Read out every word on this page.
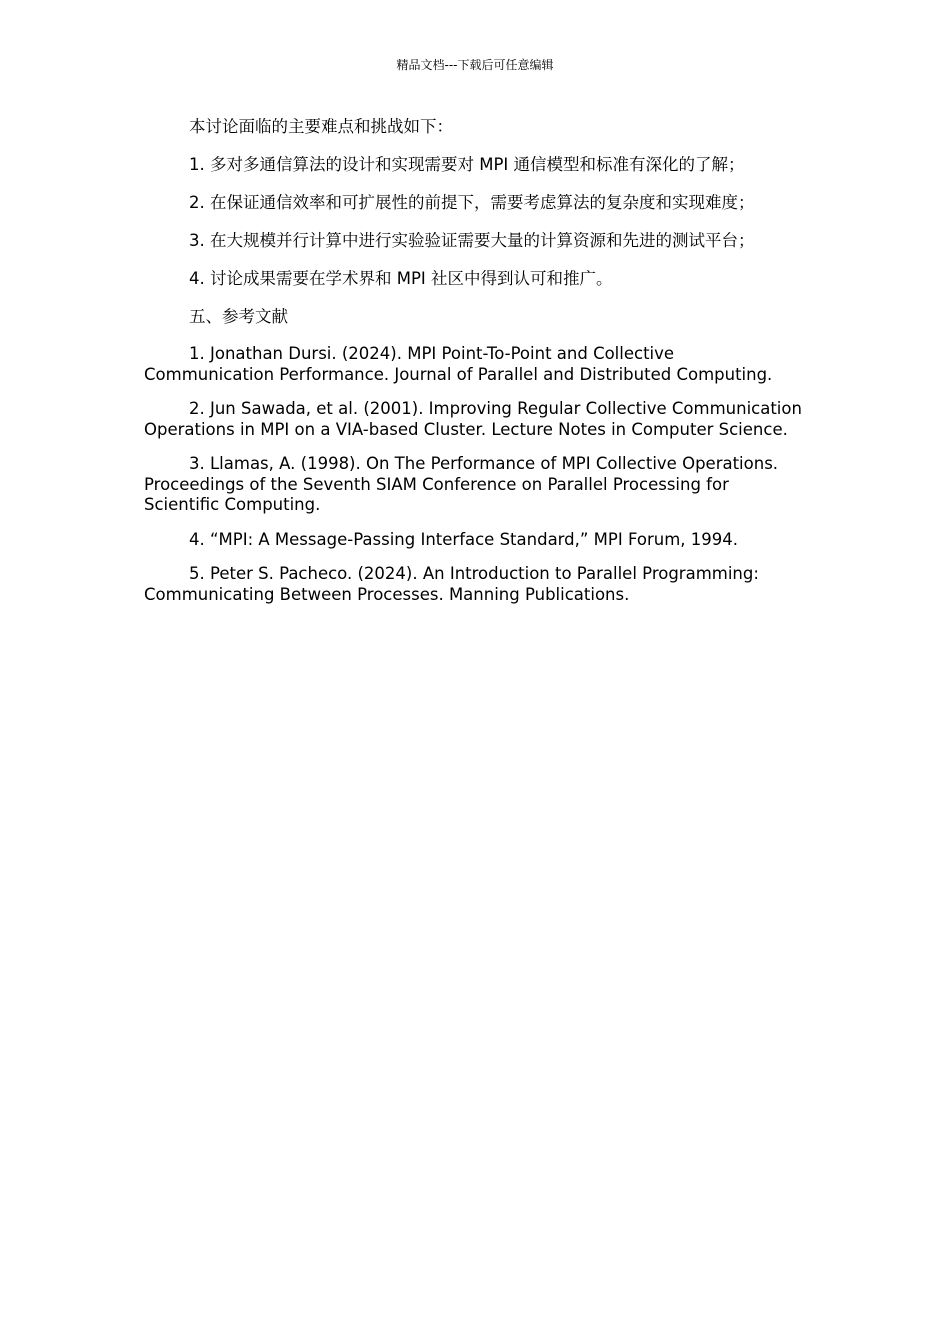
精品文档---下载后可任意编辑

本讨论面临的主要难点和挑战如下：

1. 多对多通信算法的设计和实现需要对 MPI 通信模型和标准有深化的了解；

2. 在保证通信效率和可扩展性的前提下，需要考虑算法的复杂度和实现难度；

3. 在大规模并行计算中进行实验验证需要大量的计算资源和先进的测试平台；

4. 讨论成果需要在学术界和 MPI 社区中得到认可和推广。

五、参考文献

1. Jonathan Dursi. (2024). MPI Point-To-Point and Collective Communication Performance. Journal of Parallel and Distributed Computing.

2. Jun Sawada, et al. (2001). Improving Regular Collective Communication Operations in MPI on a VIA-based Cluster. Lecture Notes in Computer Science.

3. Llamas, A. (1998). On The Performance of MPI Collective Operations. Proceedings of the Seventh SIAM Conference on Parallel Processing for Scientific Computing.

4. “MPI: A Message-Passing Interface Standard,” MPI Forum, 1994.

5. Peter S. Pacheco. (2024). An Introduction to Parallel Programming: Communicating Between Processes. Manning Publications.
